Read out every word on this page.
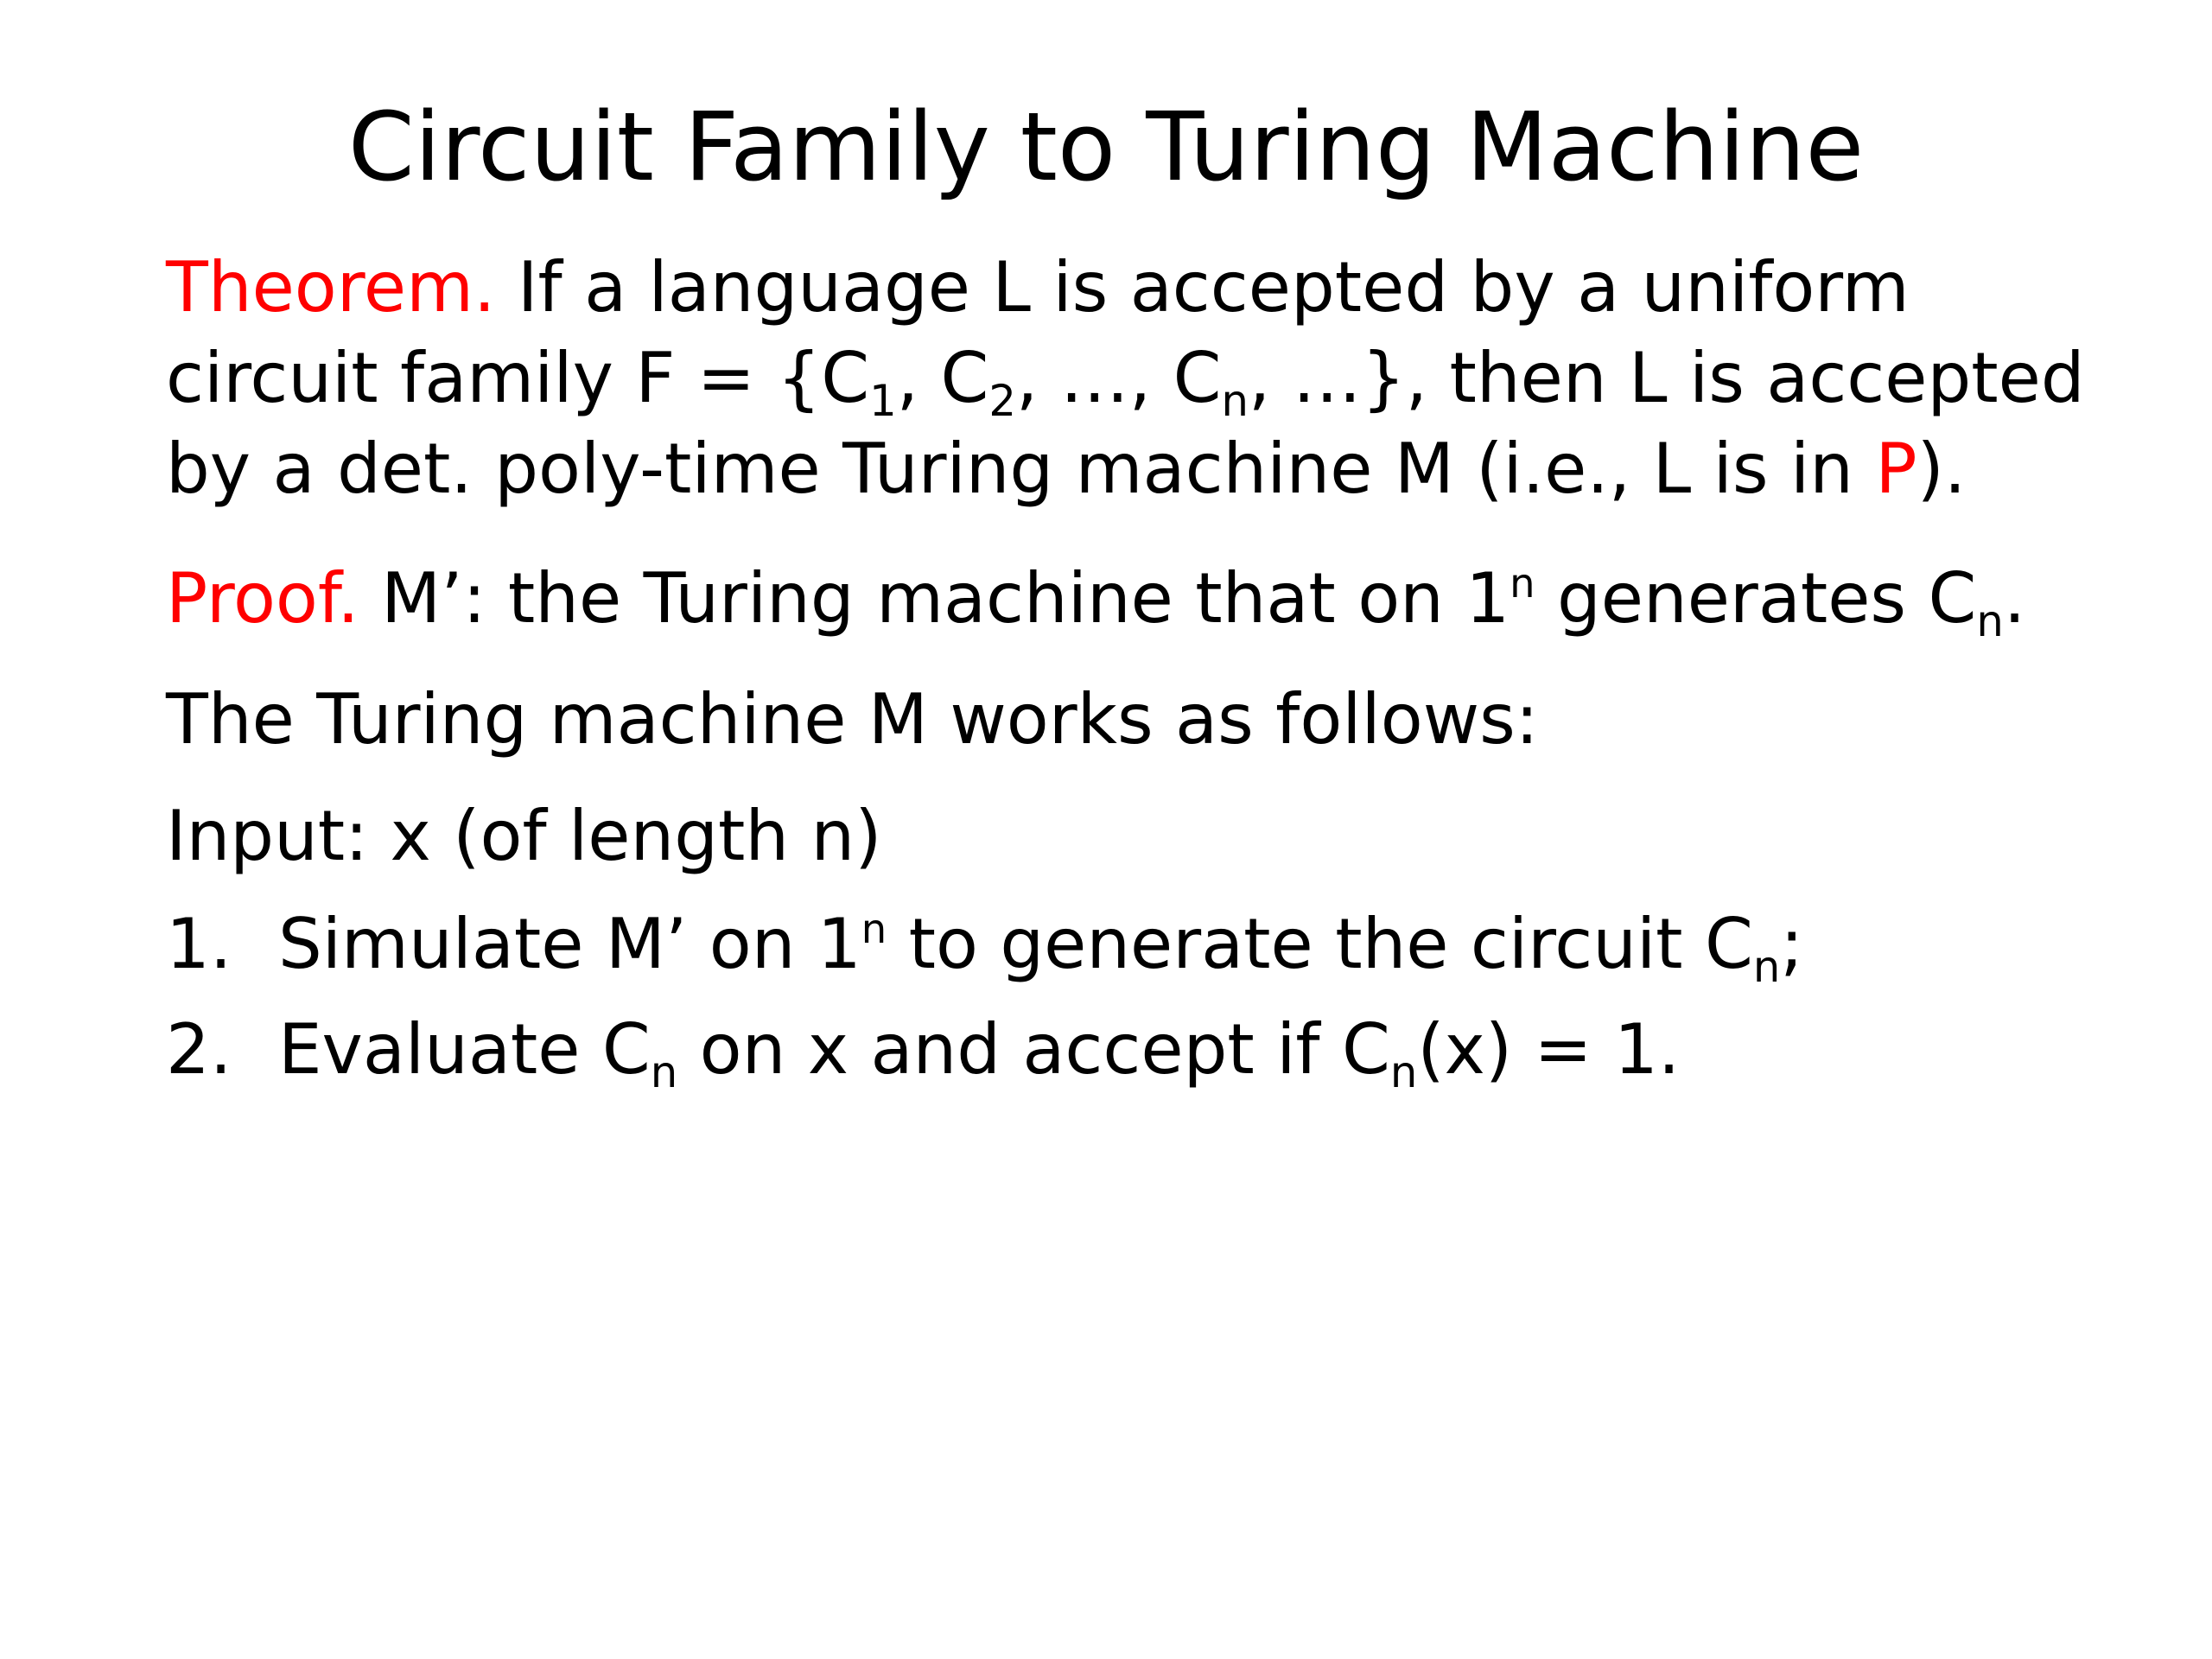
Circuit Family to Turing Machine
Theorem. If a language L is accepted by a uniform
circuit family $F = \{C_1$, $C_2$, …, $C_n$, …}, then L is accepted
by a det. poly-time Turing machine M (i.e., L is in P).
Proof. M’: the Turing machine that on 1$^n$ generates $C_n$.
The Turing machine M works as follows:
Input: x (of length n)
1. Simulate M’ on 1$^n$ to generate the circuit $C_n$;
2. Evaluate $C_n$ on x and accept if $C_n(x) = 1$.
